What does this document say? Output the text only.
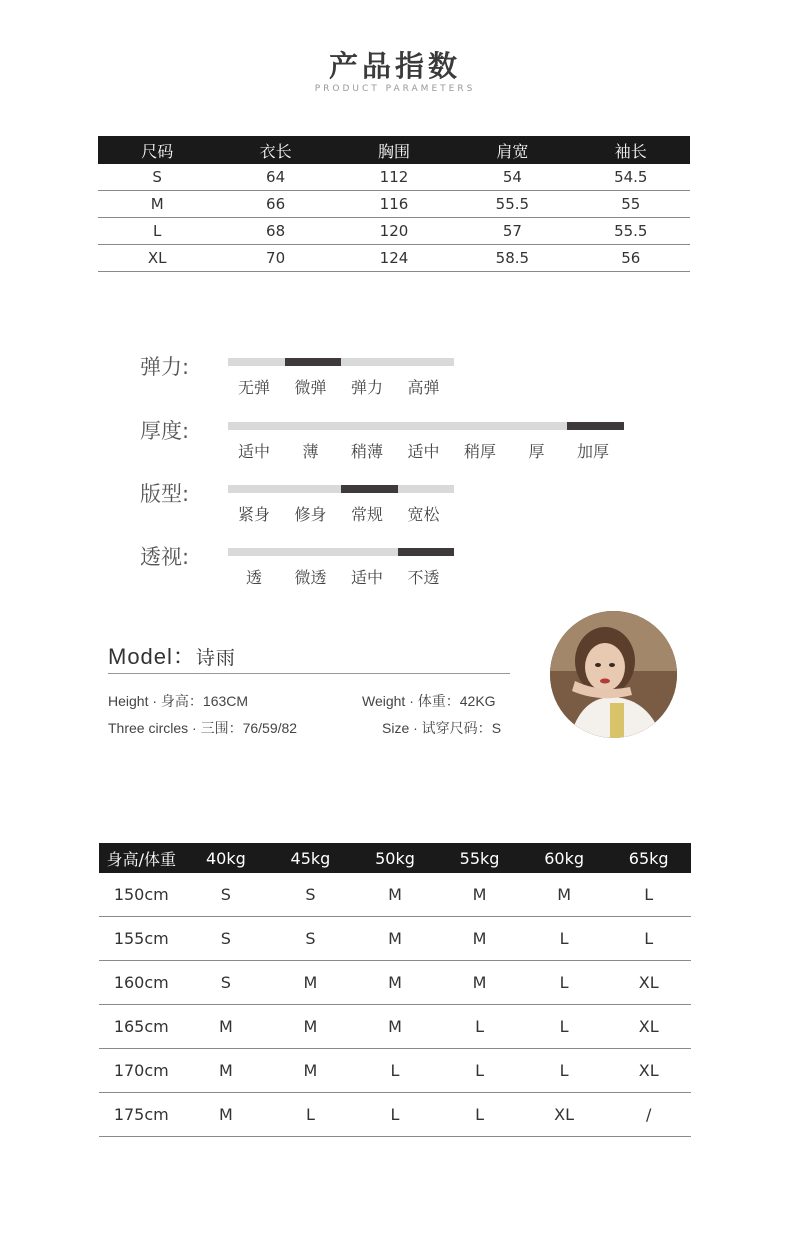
产品指数
PRODUCT PARAMETERS
尺码	衣长	胸围	肩宽	袖长
S	64	112	54	54.5
M	66	116	55.5	55
L	68	120	57	55.5
XL	70	124	58.5	56
弹力:
无弹	微弹	弹力	高弹
厚度:
适中	薄	稍薄	适中	稍厚	厚	加厚
版型:
紧身	修身	常规	宽松
透视:
透	微透	适中	不透
Model：诗雨
Height · 身高：163CM	Weight · 体重：42KG
Three circles · 三围：76/59/82	Size · 试穿尺码：S
身高/体重	40kg	45kg	50kg	55kg	60kg	65kg
150cm	S	S	M	M	M	L
155cm	S	S	M	M	L	L
160cm	S	M	M	M	L	XL
165cm	M	M	M	L	L	XL
170cm	M	M	L	L	L	XL
175cm	M	L	L	L	XL	/
